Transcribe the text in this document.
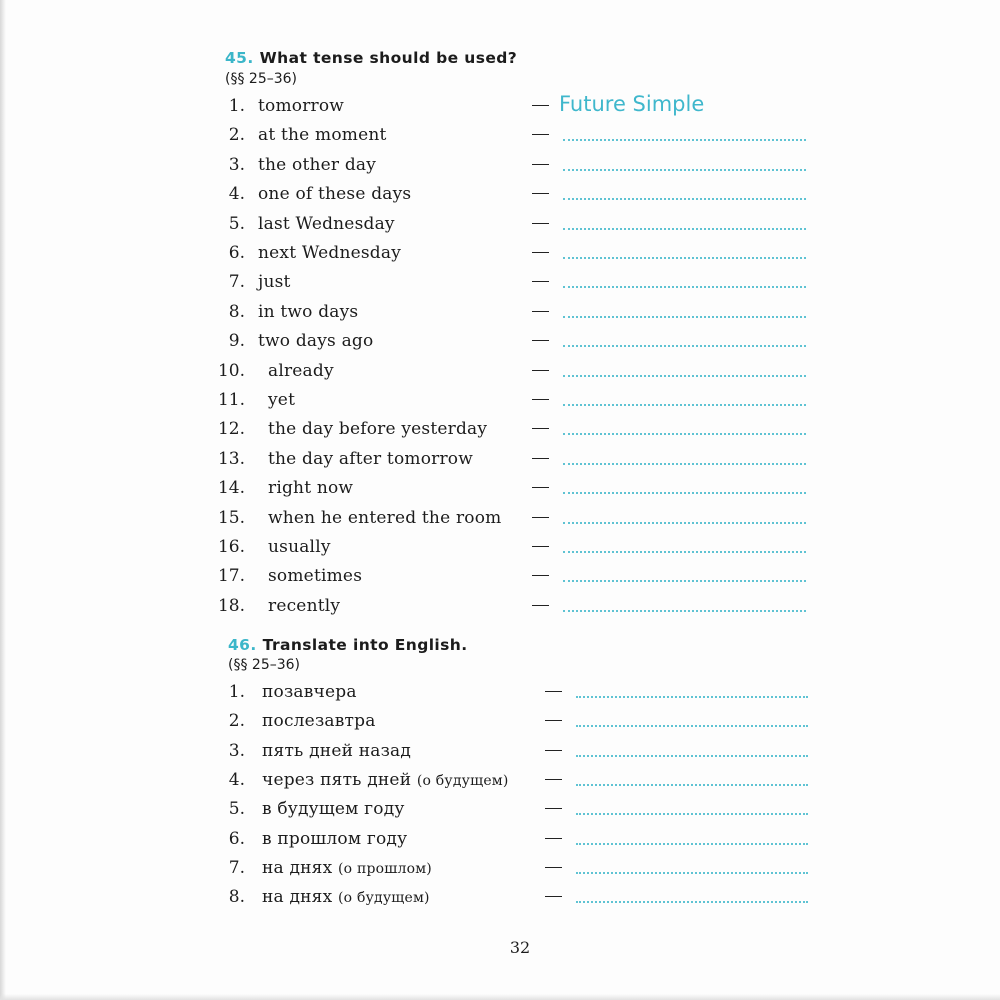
45. What tense should be used?
(§§ 25–36)
1. tomorrow	Future Simple
2. at the moment
3. the other day
4. one of these days
5. last Wednesday
6. next Wednesday
7. just
8. in two days
9. two days ago
10. already
11. yet
12. the day before yesterday
13. the day after tomorrow
14. right now
15. when he entered the room
16. usually
17. sometimes
18. recently
46. Translate into English.
(§§ 25–36)
1. позавчера
2. послезавтра
3. пять дней назад
4. через пять дней (о будущем)
5. в будущем году
6. в прошлом году
7. на днях (о прошлом)
8. на днях (о будущем)
32
